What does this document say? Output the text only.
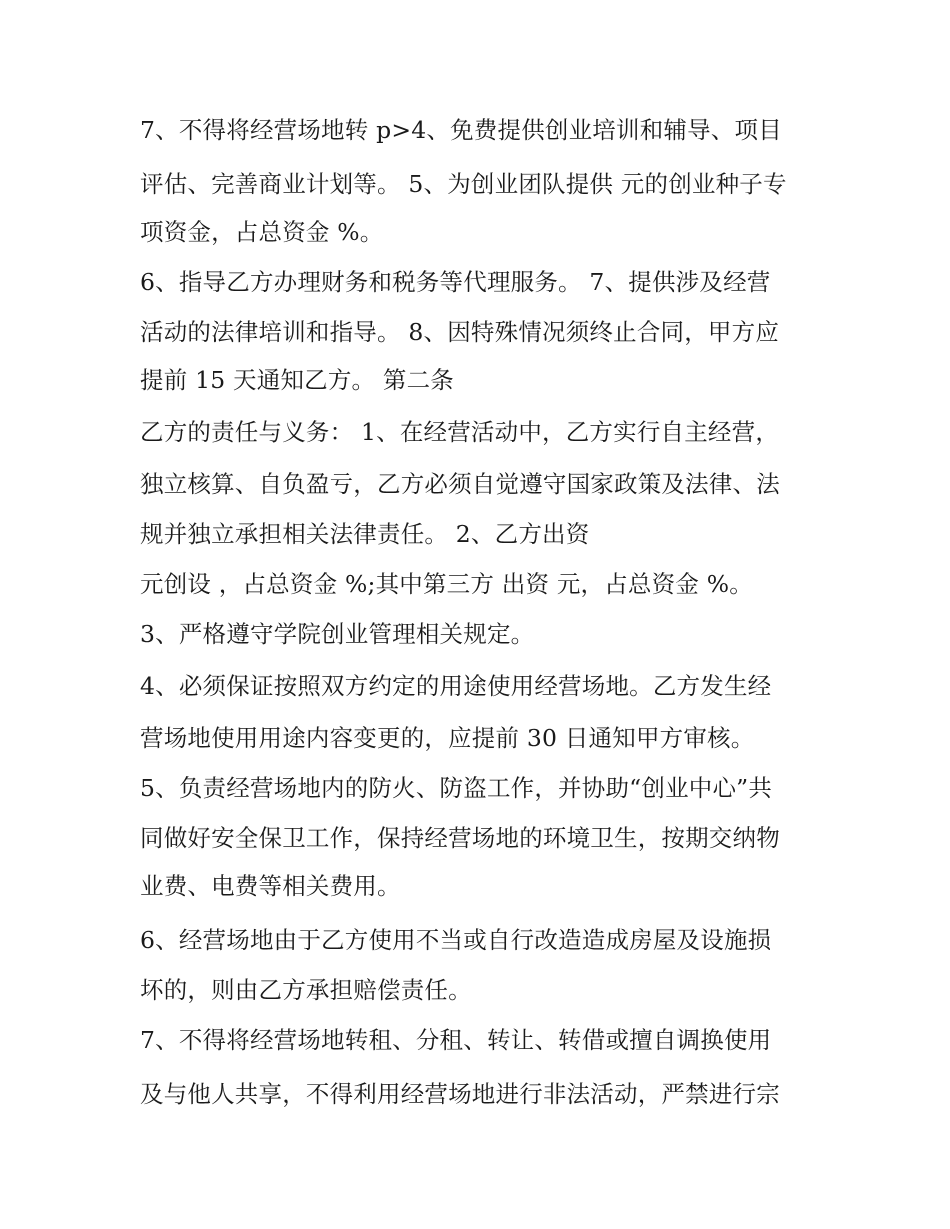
7、不得将经营场地转 p>4、免费提供创业培训和辅导、项目
评估、完善商业计划等。 5、为创业团队提供 元的创业种子专
项资金，占总资金 %。
6、指导乙方办理财务和税务等代理服务。 7、提供涉及经营
活动的法律培训和指导。 8、因特殊情况须终止合同，甲方应
提前 15 天通知乙方。 第二条
乙方的责任与义务： 1、在经营活动中，乙方实行自主经营，
独立核算、自负盈亏，乙方必须自觉遵守国家政策及法律、法
规并独立承担相关法律责任。 2、乙方出资
元创设 ，占总资金 %;其中第三方 出资 元，占总资金 %。
3、严格遵守学院创业管理相关规定。
4、必须保证按照双方约定的用途使用经营场地。乙方发生经
营场地使用用途内容变更的，应提前 30 日通知甲方审核。
5、负责经营场地内的防火、防盗工作，并协助“创业中心”共
同做好安全保卫工作，保持经营场地的环境卫生，按期交纳物
业费、电费等相关费用。
6、经营场地由于乙方使用不当或自行改造造成房屋及设施损
坏的，则由乙方承担赔偿责任。
7、不得将经营场地转租、分租、转让、转借或擅自调换使用
及与他人共享，不得利用经营场地进行非法活动，严禁进行宗
